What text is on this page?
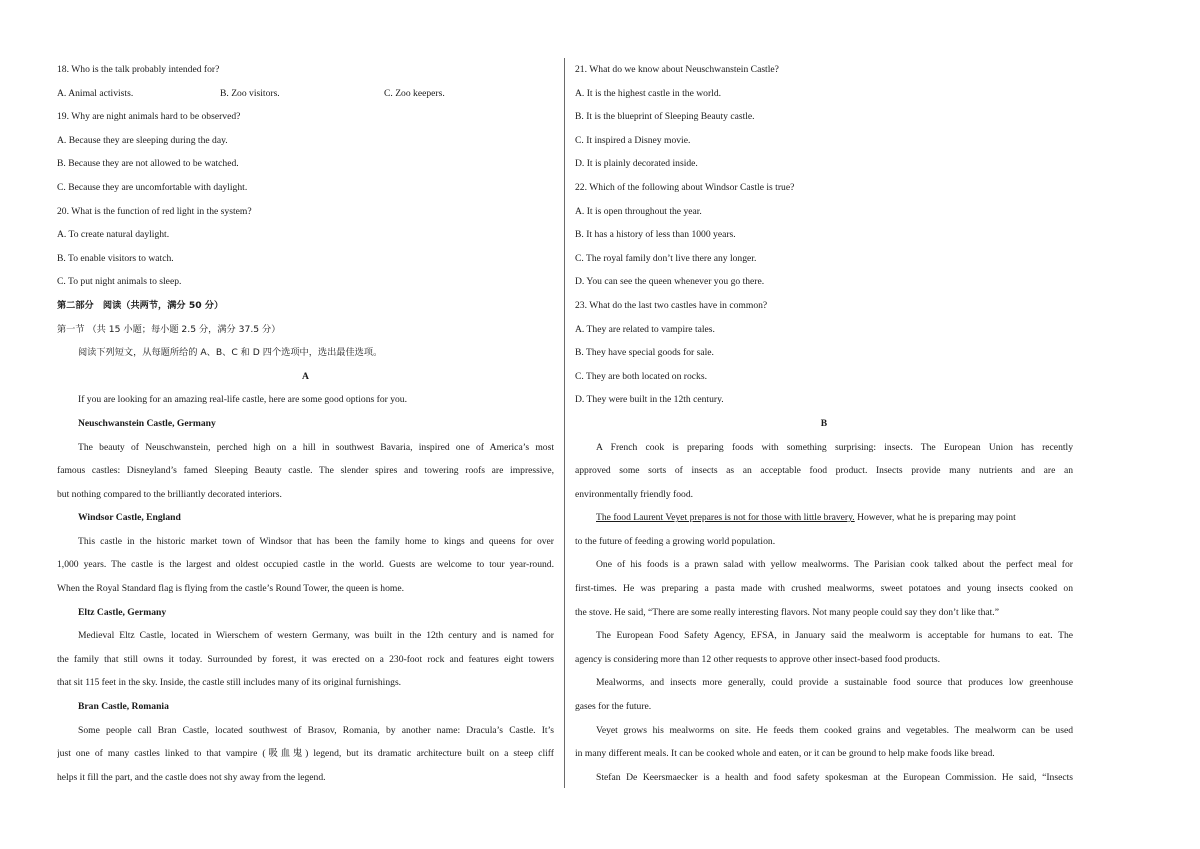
18. Who is the talk probably intended for?
A. Animal activists.	B. Zoo visitors.	C. Zoo keepers.
19. Why are night animals hard to be observed?
A. Because they are sleeping during the day.
B. Because they are not allowed to be watched.
C. Because they are uncomfortable with daylight.
20. What is the function of red light in the system?
A. To create natural daylight.
B. To enable visitors to watch.
C. To put night animals to sleep.
第二部分　阅读（共两节，满分 50 分）
第一节 （共 15 小题；每小题 2.5 分，满分 37.5 分）
阅读下列短文，从每题所给的 A、B、C 和 D 四个选项中，选出最佳选项。
A
If you are looking for an amazing real-life castle, here are some good options for you.
Neuschwanstein Castle, Germany
The beauty of Neuschwanstein, perched high on a hill in southwest Bavaria, inspired one of America’s most
famous castles: Disneyland’s famed Sleeping Beauty castle. The slender spires and towering roofs are impressive,
but nothing compared to the brilliantly decorated interiors.
Windsor Castle, England
This castle in the historic market town of Windsor that has been the family home to kings and queens for over
1,000 years. The castle is the largest and oldest occupied castle in the world. Guests are welcome to tour year-round.
When the Royal Standard flag is flying from the castle’s Round Tower, the queen is home.
Eltz Castle, Germany
Medieval Eltz Castle, located in Wierschem of western Germany, was built in the 12th century and is named for
the family that still owns it today. Surrounded by forest, it was erected on a 230-foot rock and features eight towers
that sit 115 feet in the sky. Inside, the castle still includes many of its original furnishings.
Bran Castle, Romania
Some people call Bran Castle, located southwest of Brasov, Romania, by another name: Dracula’s Castle. It’s
just one of many castles linked to that vampire (吸血鬼) legend, but its dramatic architecture built on a steep cliff
helps it fill the part, and the castle does not shy away from the legend.
21. What do we know about Neuschwanstein Castle?
A. It is the highest castle in the world.
B. It is the blueprint of Sleeping Beauty castle.
C. It inspired a Disney movie.
D. It is plainly decorated inside.
22. Which of the following about Windsor Castle is true?
A. It is open throughout the year.
B. It has a history of less than 1000 years.
C. The royal family don’t live there any longer.
D. You can see the queen whenever you go there.
23. What do the last two castles have in common?
A. They are related to vampire tales.
B. They have special goods for sale.
C. They are both located on rocks.
D. They were built in the 12th century.
B
A French cook is preparing foods with something surprising: insects. The European Union has recently
approved some sorts of insects as an acceptable food product. Insects provide many nutrients and are an
environmentally friendly food.
The food Laurent Veyet prepares is not for those with little bravery. However, what he is preparing may point
to the future of feeding a growing world population.
One of his foods is a prawn salad with yellow mealworms. The Parisian cook talked about the perfect meal for
first-times. He was preparing a pasta made with crushed mealworms, sweet potatoes and young insects cooked on
the stove. He said, “There are some really interesting flavors. Not many people could say they don’t like that.”
The European Food Safety Agency, EFSA, in January said the mealworm is acceptable for humans to eat. The
agency is considering more than 12 other requests to approve other insect-based food products.
Mealworms, and insects more generally, could provide a sustainable food source that produces low greenhouse
gases for the future.
Veyet grows his mealworms on site. He feeds them cooked grains and vegetables. The mealworm can be used
in many different meals. It can be cooked whole and eaten, or it can be ground to help make foods like bread.
Stefan De Keersmaecker is a health and food safety spokesman at the European Commission. He said, “Insects
